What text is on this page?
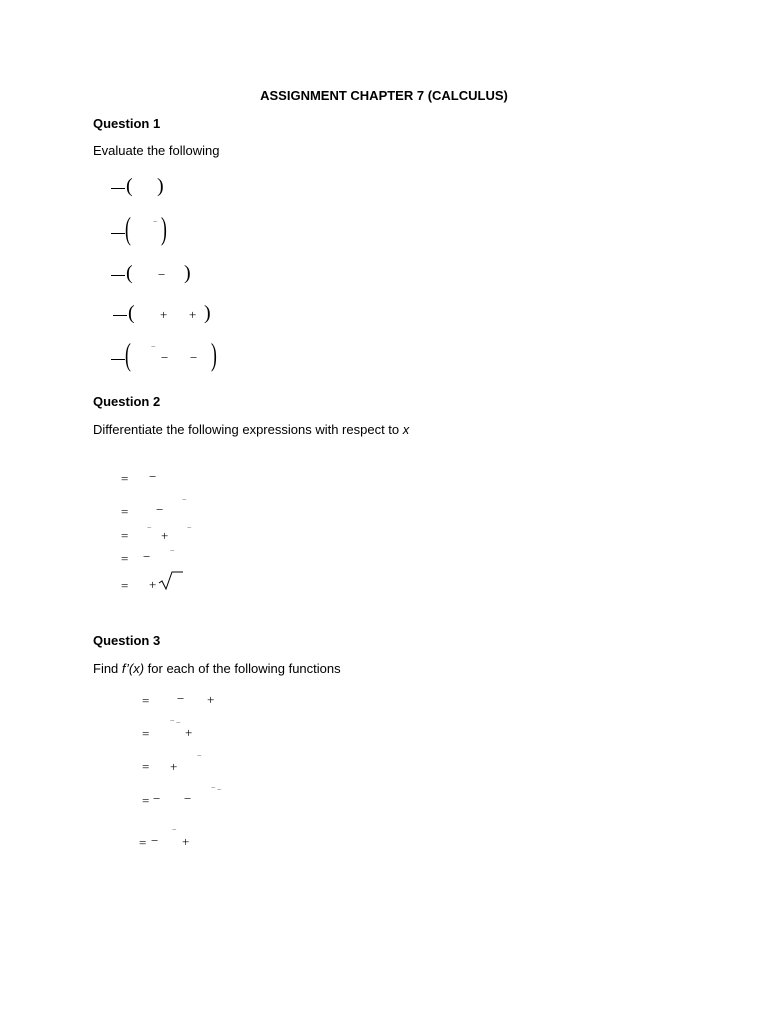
ASSIGNMENT CHAPTER 7 (CALCULUS)
Question 1
Evaluate the following
( )
(	− )
( − )
( + + )
(	−
− − )
Question 2
Differentiate the following expressions with respect to x
= −
= −
−
=
−
+
−
= − −
= +
Question 3
Find f’(x) for each of the following functions
= − +
− −
=	+
−
= +
− −
= − −
−
= − +
